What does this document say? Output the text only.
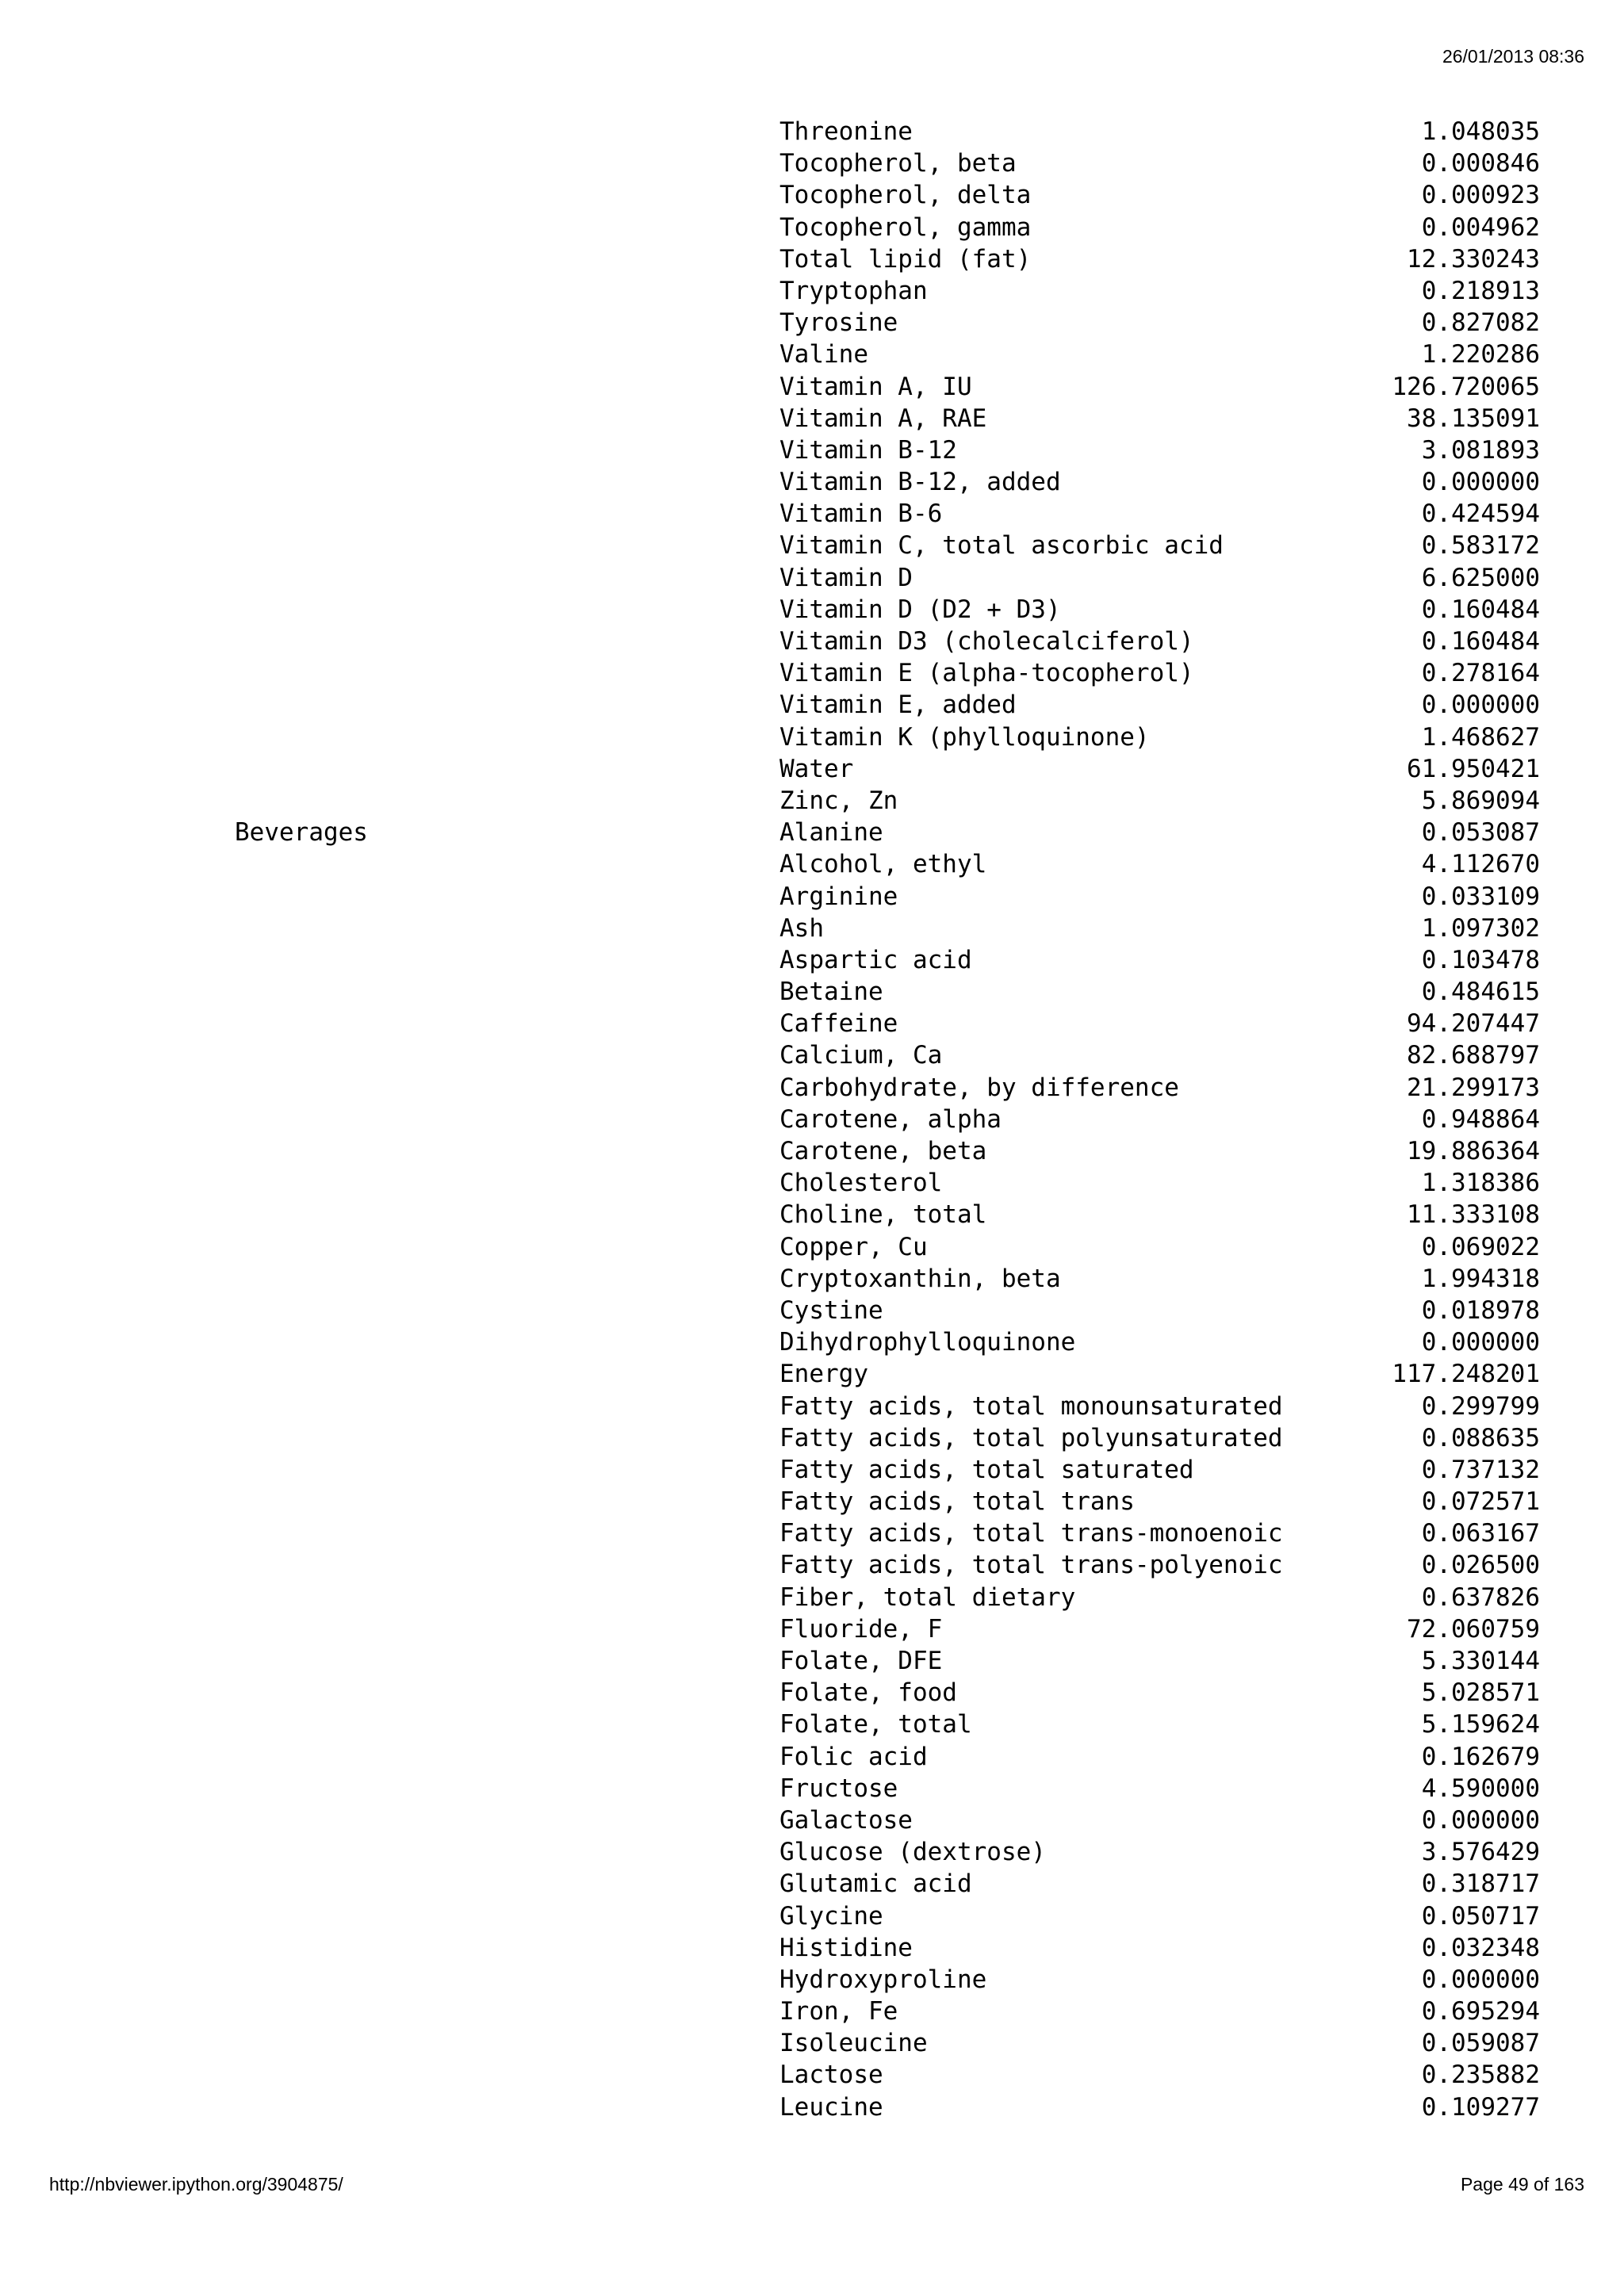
26/01/2013 08:36
Threonine	1.048035
Tocopherol, beta	0.000846
Tocopherol, delta	0.000923
Tocopherol, gamma	0.004962
Total lipid (fat)	12.330243
Tryptophan	0.218913
Tyrosine	0.827082
Valine	1.220286
Vitamin A, IU	126.720065
Vitamin A, RAE	38.135091
Vitamin B-12	3.081893
Vitamin B-12, added	0.000000
Vitamin B-6	0.424594
Vitamin C, total ascorbic acid	0.583172
Vitamin D	6.625000
Vitamin D (D2 + D3)	0.160484
Vitamin D3 (cholecalciferol)	0.160484
Vitamin E (alpha-tocopherol)	0.278164
Vitamin E, added	0.000000
Vitamin K (phylloquinone)	1.468627
Water	61.950421
Zinc, Zn	5.869094
Beverages	Alanine	0.053087
Alcohol, ethyl	4.112670
Arginine	0.033109
Ash	1.097302
Aspartic acid	0.103478
Betaine	0.484615
Caffeine	94.207447
Calcium, Ca	82.688797
Carbohydrate, by difference	21.299173
Carotene, alpha	0.948864
Carotene, beta	19.886364
Cholesterol	1.318386
Choline, total	11.333108
Copper, Cu	0.069022
Cryptoxanthin, beta	1.994318
Cystine	0.018978
Dihydrophylloquinone	0.000000
Energy	117.248201
Fatty acids, total monounsaturated	0.299799
Fatty acids, total polyunsaturated	0.088635
Fatty acids, total saturated	0.737132
Fatty acids, total trans	0.072571
Fatty acids, total trans-monoenoic	0.063167
Fatty acids, total trans-polyenoic	0.026500
Fiber, total dietary	0.637826
Fluoride, F	72.060759
Folate, DFE	5.330144
Folate, food	5.028571
Folate, total	5.159624
Folic acid	0.162679
Fructose	4.590000
Galactose	0.000000
Glucose (dextrose)	3.576429
Glutamic acid	0.318717
Glycine	0.050717
Histidine	0.032348
Hydroxyproline	0.000000
Iron, Fe	0.695294
Isoleucine	0.059087
Lactose	0.235882
Leucine	0.109277
http://nbviewer.ipython.org/3904875/	Page 49 of 163
